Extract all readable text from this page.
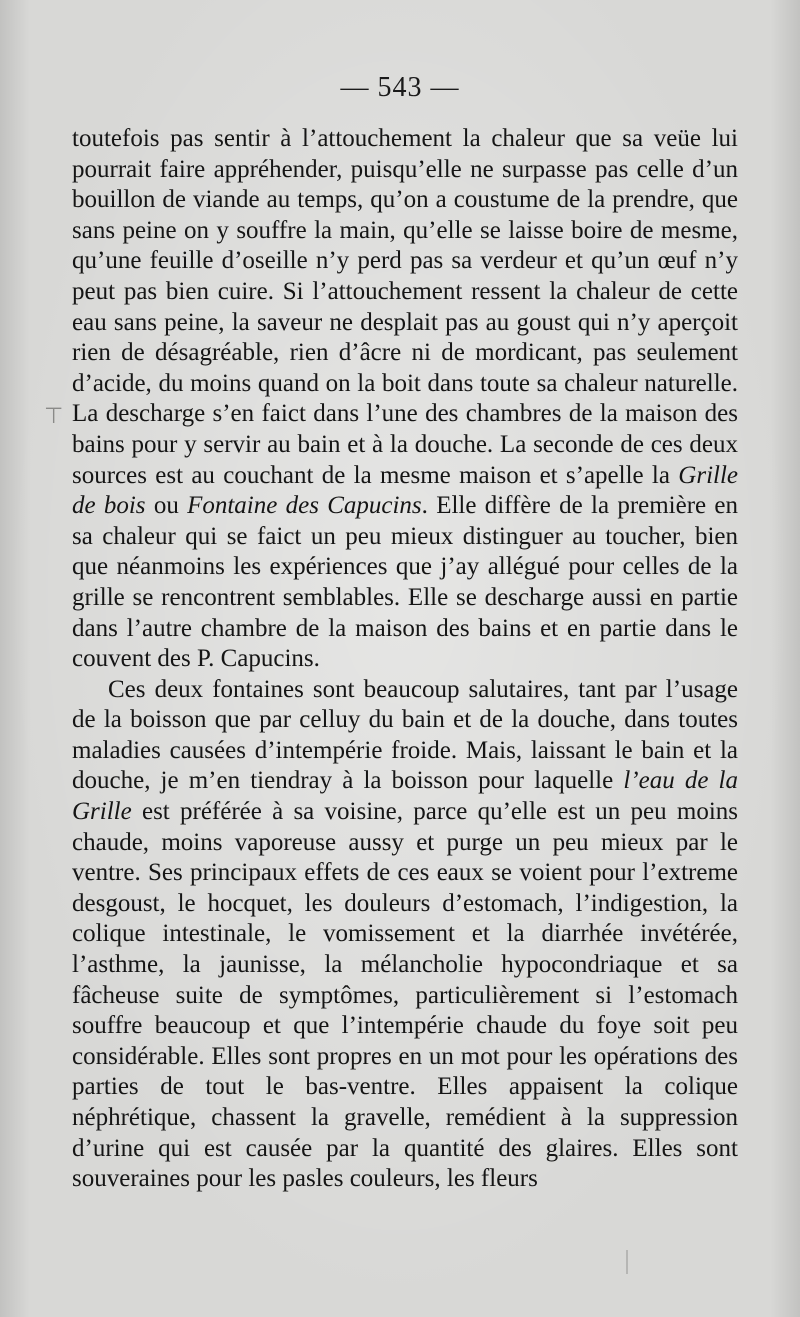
— 543 —
⊤

toutefois pas sentir à l’attouchement la chaleur que sa veüe lui pourrait faire appréhender, puisqu’elle ne surpasse pas celle d’un bouillon de viande au temps, qu’on a coustume de la prendre, que sans peine on y souffre la main, qu’elle se laisse boire de mesme, qu’une feuille d’oseille n’y perd pas sa verdeur et qu’un œuf n’y peut pas bien cuire. Si l’attouchement ressent la chaleur de cette eau sans peine, la saveur ne desplait pas au goust qui n’y aperçoit rien de désagréable, rien d’âcre ni de mordicant, pas seulement d’acide, du moins quand on la boit dans toute sa chaleur naturelle. La descharge s’en faict dans l’une des chambres de la maison des bains pour y servir au bain et à la douche. La seconde de ces deux sources est au couchant de la mesme maison et s’apelle la Grille de bois ou Fontaine des Capucins. Elle diffère de la première en sa chaleur qui se faict un peu mieux distinguer au toucher, bien que néanmoins les expériences que j’ay allégué pour celles de la grille se rencontrent semblables. Elle se descharge aussi en partie dans l’autre chambre de la maison des bains et en partie dans le couvent des P. Capucins.

Ces deux fontaines sont beaucoup salutaires, tant par l’usage de la boisson que par celluy du bain et de la douche, dans toutes maladies causées d’intempérie froide. Mais, laissant le bain et la douche, je m’en tiendray à la boisson pour laquelle l’eau de la Grille est préférée à sa voisine, parce qu’elle est un peu moins chaude, moins vaporeuse aussy et purge un peu mieux par le ventre. Ses principaux effets de ces eaux se voient pour l’extreme desgoust, le hocquet, les douleurs d’estomach, l’indigestion, la colique intestinale, le vomissement et la diarrhée invétérée, l’asthme, la jaunisse, la mélancholie hypocondriaque et sa fâcheuse suite de symptômes, particulièrement si l’estomach souffre beaucoup et que l’intempérie chaude du foye soit peu considérable. Elles sont propres en un mot pour les opérations des parties de tout le bas-ventre. Elles appaisent la colique néphrétique, chassent la gravelle, remédient à la suppression d’urine qui est causée par la quantité des glaires. Elles sont souveraines pour les pasles couleurs, les fleurs
